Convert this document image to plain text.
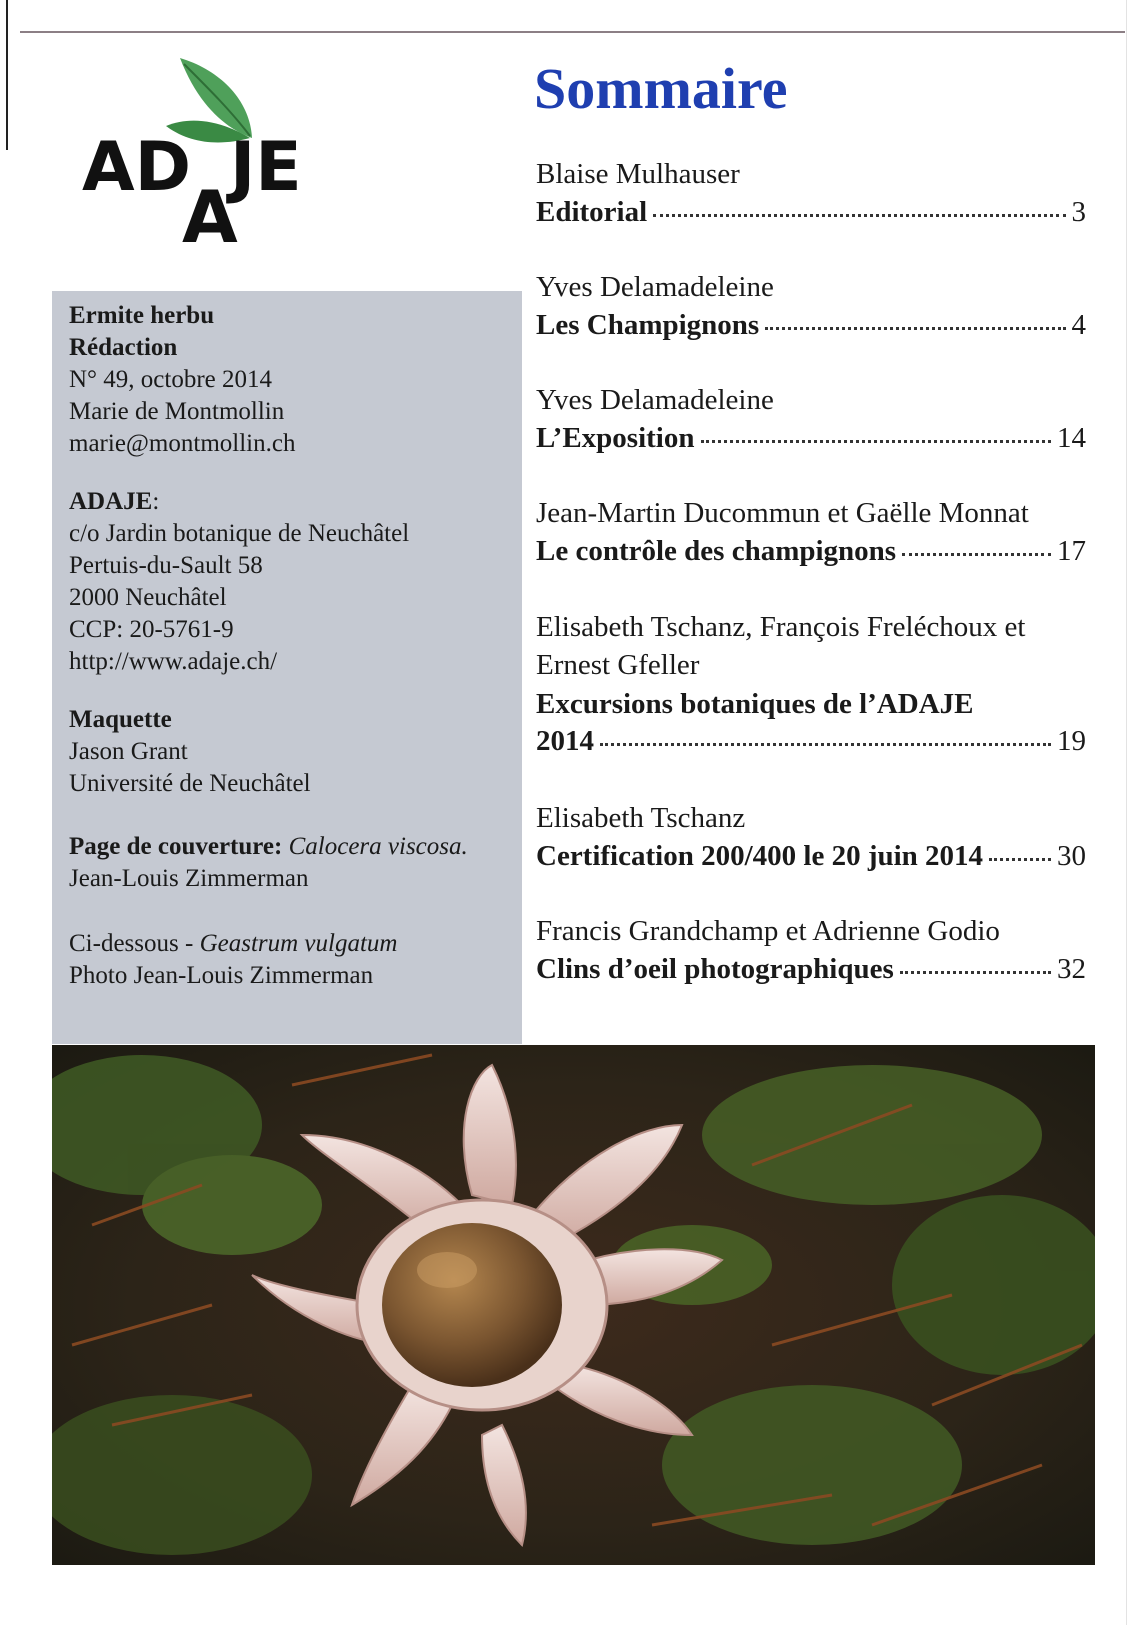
AD
A
JE
Ermite herbu
Rédaction
N° 49, octobre 2014
Marie de Montmollin
marie@montmollin.ch
ADAJE:
c/o Jardin botanique de Neuchâtel
Pertuis-du-Sault 58
2000 Neuchâtel
CCP: 20-5761-9
http://www.adaje.ch/
Maquette
Jason Grant
Université de Neuchâtel
Page de couverture: Calocera viscosa.
Jean-Louis Zimmerman
Ci-dessous - Geastrum vulgatum
Photo Jean-Louis Zimmerman
Sommaire
Blaise Mulhauser
Editorial	3
Yves Delamadeleine
Les Champignons	4
Yves Delamadeleine
L’Exposition	14
Jean-Martin Ducommun et Gaëlle Monnat
Le contrôle des champignons	17
Elisabeth Tschanz, François Freléchoux et
Ernest Gfeller
Excursions botaniques de l’ADAJE
2014	19
Elisabeth Tschanz
Certification 200/400 le 20 juin 2014	30
Francis Grandchamp et Adrienne Godio
Clins d’oeil photographiques	32
